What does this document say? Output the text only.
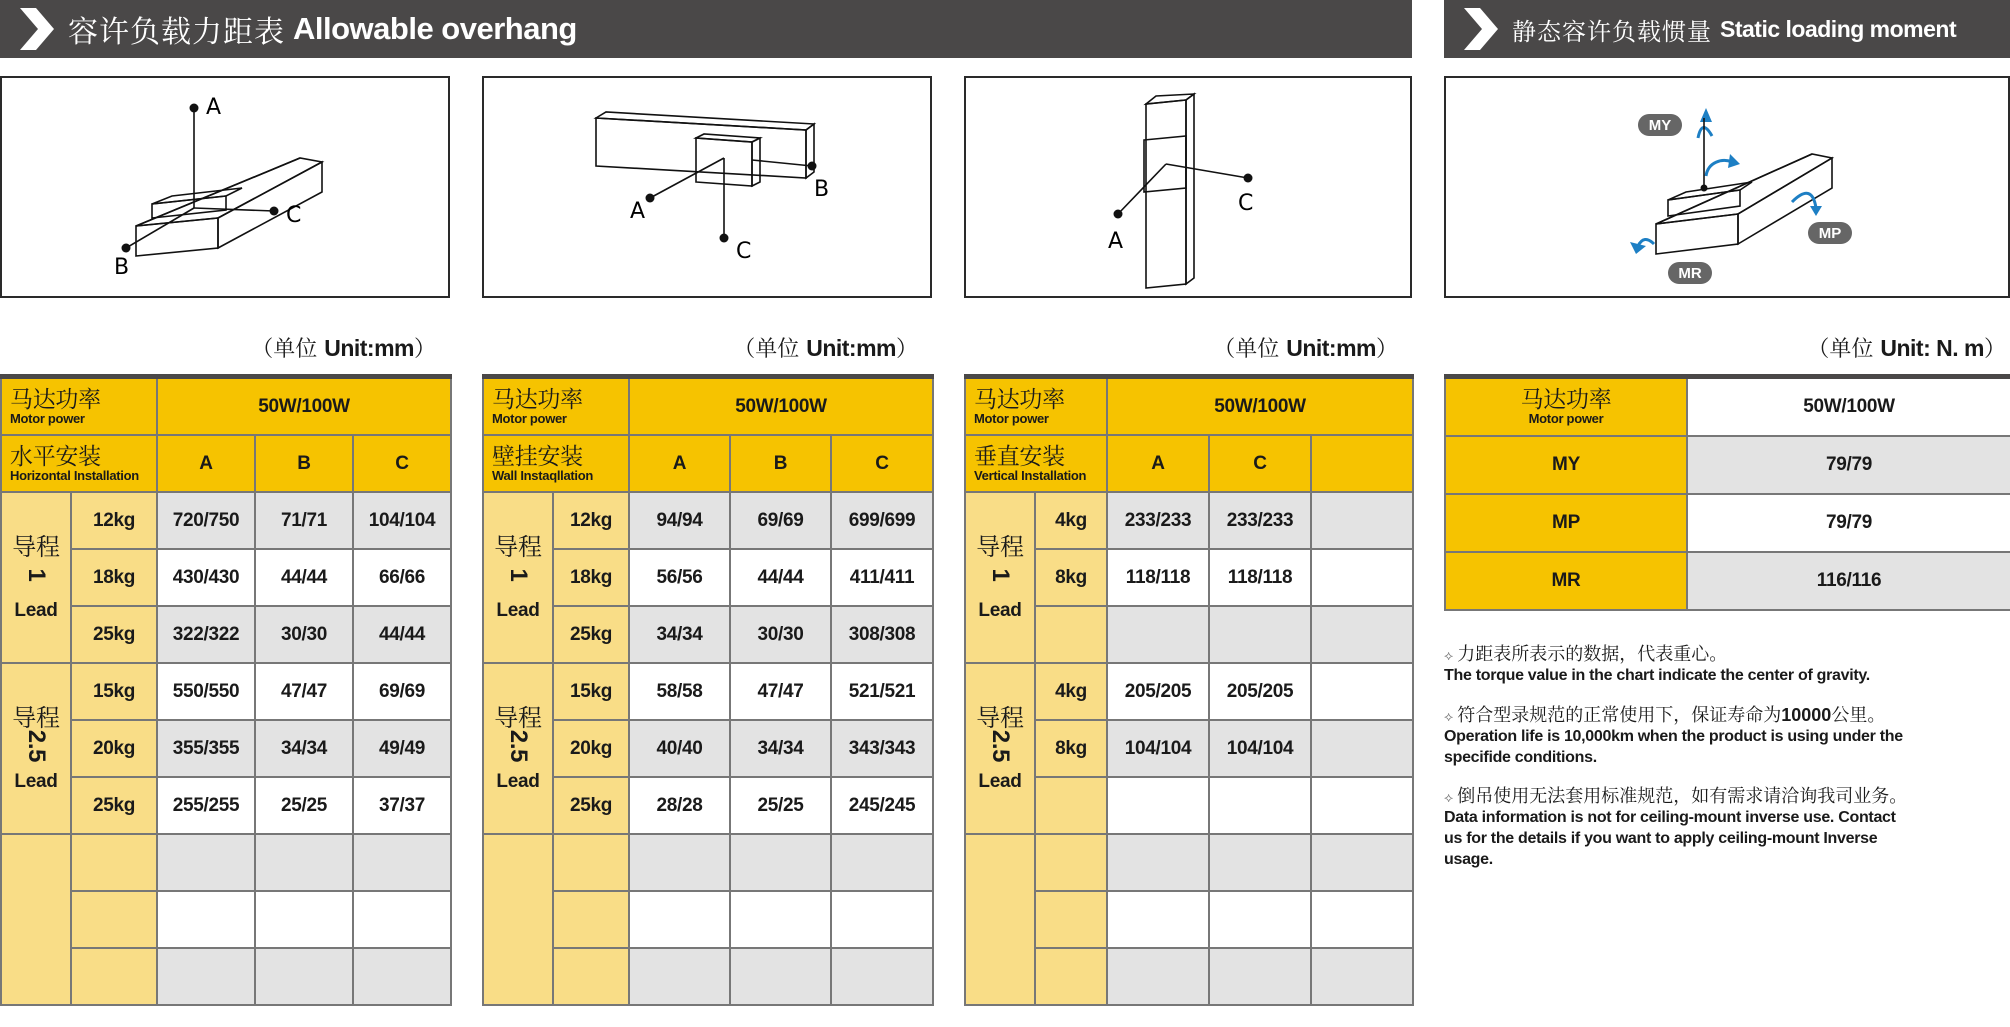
容许负载力距表 Allowable overhang	静态容许负载惯量 Static loading moment
A
C
B
A
B
C	A
C
MY
MP
MR
（单位 Unit:mm）	（单位 Unit:mm）	（单位 Unit:mm）	（单位 Unit: N. m）
马达功率
Motor power		50W/100W		

水平安装
Horizontal Installation		A	B	C
导程
1
Lead	12kg	720/750	71/71	104/104
	18kg	430/430	44/44	66/66
	25kg	322/322	30/30	44/44
导程
2.5
Lead	15kg	550/550	47/47	69/69
	20kg	355/355	34/34	49/49
	25kg	255/255	25/25	37/37

马达功率
Motor power		50W/100W		

壁挂安装
Wall Instaqllation		A	B	C
导程
1
Lead	12kg	94/94	69/69	699/699
	18kg	56/56	44/44	411/411
	25kg	34/34	30/30	308/308
导程
2.5
Lead	15kg	58/58	47/47	521/521
	20kg	40/40	34/34	343/343
	25kg	28/28	25/25	245/245

马达功率
Motor power		50W/100W		

垂直安装
Vertical Installation		A	C	
导程
1
Lead	4kg	233/233	233/233	
	8kg	118/118	118/118	

导程
2.5
Lead	4kg	205/205	205/205	
	8kg	104/104	104/104	

马达功率
Motor power	50W/100W
MY	79/79
MP	79/79
MR	116/116
⟡ 力距表所表示的数据，代表重心。
The torque value in the chart indicate the center of gravity.
⟡ 符合型录规范的正常使用下，保证寿命为10000公里。
Operation life is 10,000km when the product is using under the specifide conditions.
⟡ 倒吊使用无法套用标准规范，如有需求请洽询我司业务。
Data information is not for ceiling-mount inverse use. Contact us for the details if you want to apply ceiling-mount Inverse usage.
